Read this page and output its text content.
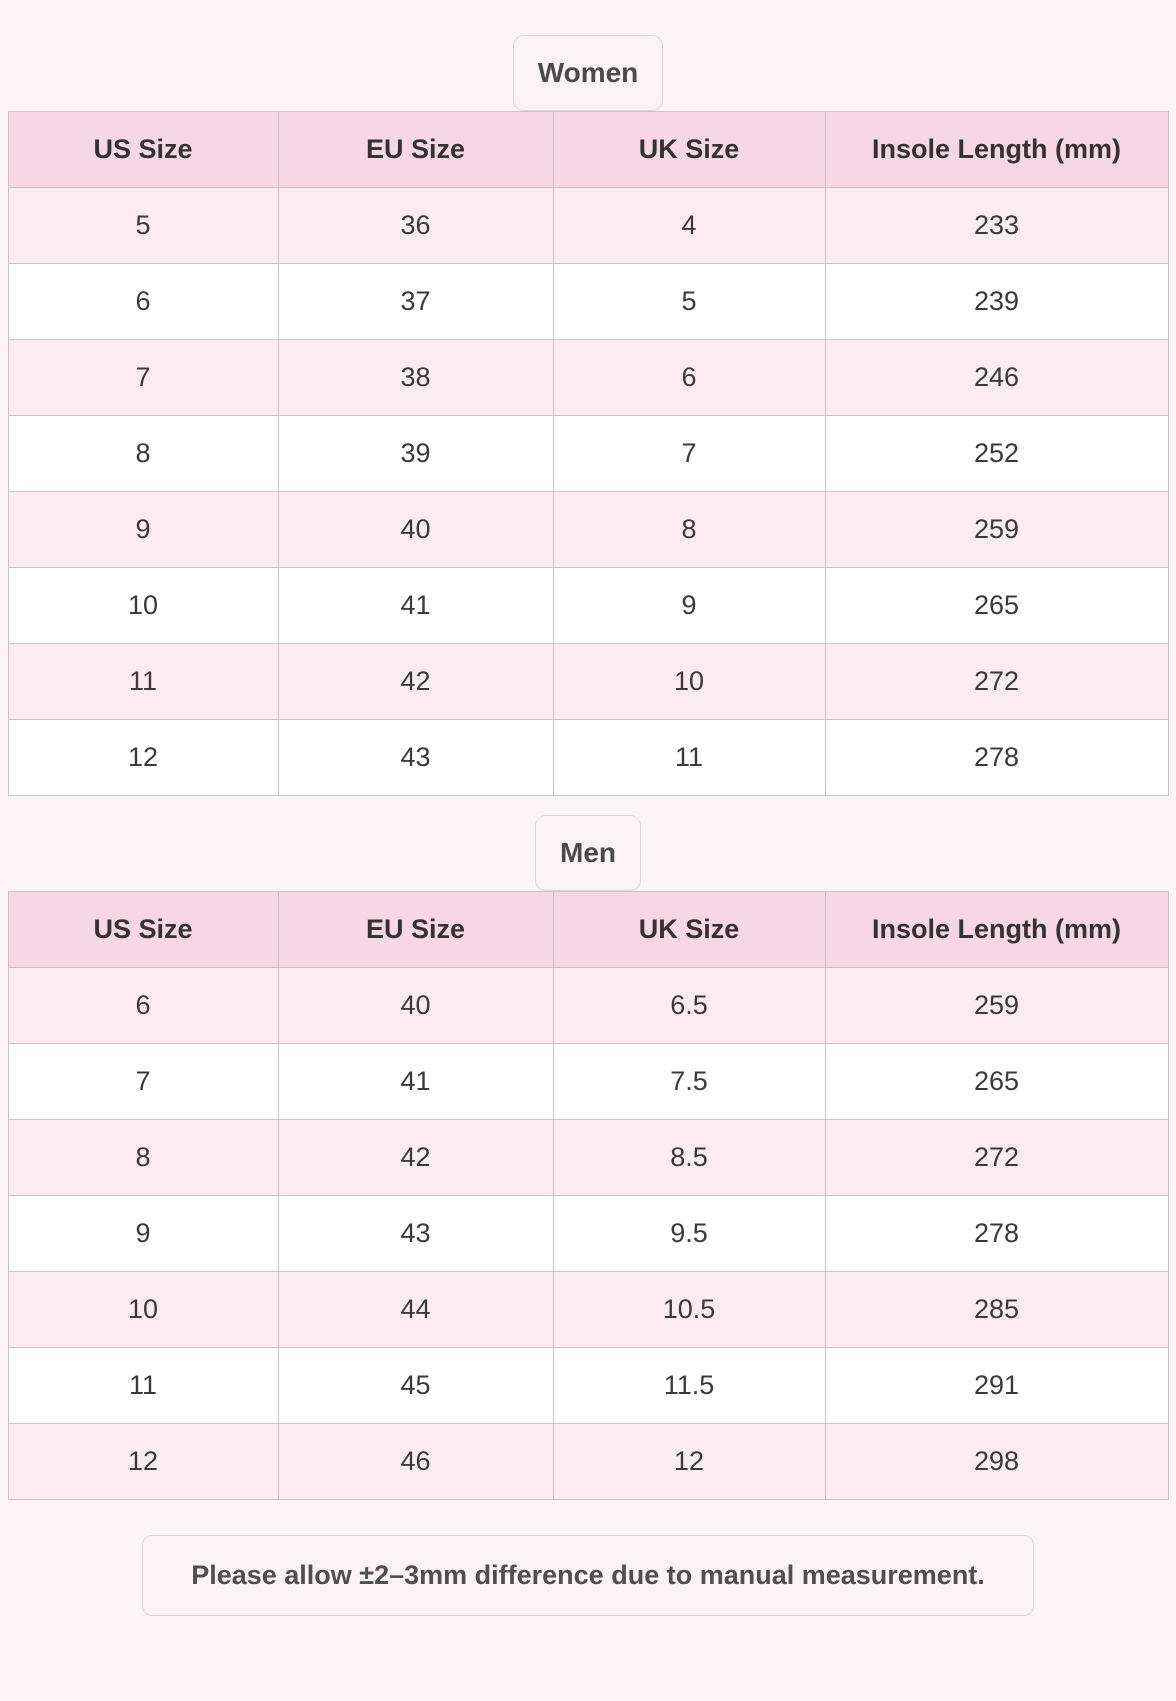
Women
US Size	EU Size	UK Size	Insole Length (mm)
5	36	4	233
6	37	5	239
7	38	6	246
8	39	7	252
9	40	8	259
10	41	9	265
11	42	10	272
12	43	11	278
Men
US Size	EU Size	UK Size	Insole Length (mm)
6	40	6.5	259
7	41	7.5	265
8	42	8.5	272
9	43	9.5	278
10	44	10.5	285
11	45	11.5	291
12	46	12	298
Please allow ±2–3mm difference due to manual measurement.
